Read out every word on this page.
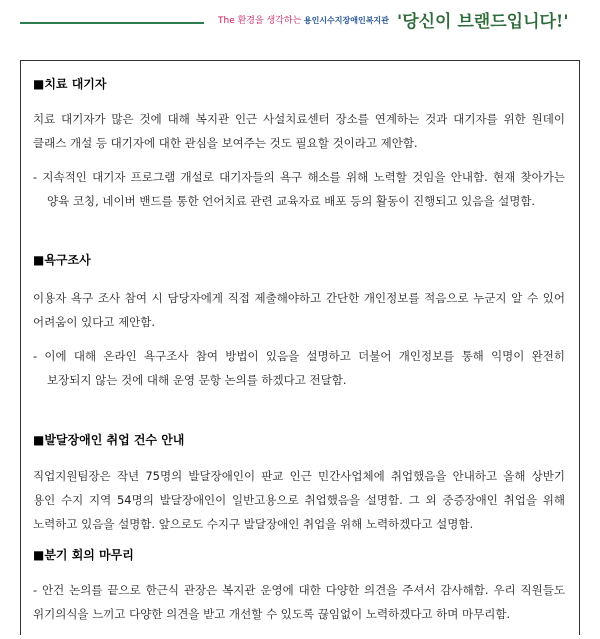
The 환경을 생각하는 용인시수지장애인복지관 '당신이 브랜드입니다!'
■치료 대기자
치료 대기자가 많은 것에 대해 복지관 인근 사설치료센터 장소를 연계하는 것과 대기자를 위한 원데이 클래스 개설 등 대기자에 대한 관심을 보여주는 것도 필요할 것이라고 제안함.
- 지속적인 대기자 프로그램 개설로 대기자들의 욕구 해소를 위해 노력할 것임을 안내함. 현재 찾아가는 양육 코칭, 네이버 밴드를 통한 언어치료 관련 교육자료 배포 등의 활동이 진행되고 있음을 설명함.
■욕구조사
이용자 욕구 조사 참여 시 담당자에게 직접 제출해야하고 간단한 개인정보를 적음으로 누군지 알 수 있어 어려움이 있다고 제안함.
- 이에 대해 온라인 욕구조사 참여 방법이 있음을 설명하고 더불어 개인정보를 통해 익명이 완전히 보장되지 않는 것에 대해 운영 문항 논의를 하겠다고 전달함.
■발달장애인 취업 건수 안내
직업지원팀장은 작년 75명의 발달장애인이 판교 인근 민간사업체에 취업했음을 안내하고 올해 상반기 용인 수지 지역 54명의 발달장애인이 일반고용으로 취업했음을 설명함. 그 외 중증장애인 취업을 위해 노력하고 있음을 설명함. 앞으로도 수지구 발달장애인 취업을 위해 노력하겠다고 설명함.
■분기 회의 마무리
- 안건 논의를 끝으로 한근식 관장은 복지관 운영에 대한 다양한 의견을 주셔서 감사해함. 우리 직원들도 위기의식을 느끼고 다양한 의견을 받고 개선할 수 있도록 끊임없이 노력하겠다고 하며 마무리함.
